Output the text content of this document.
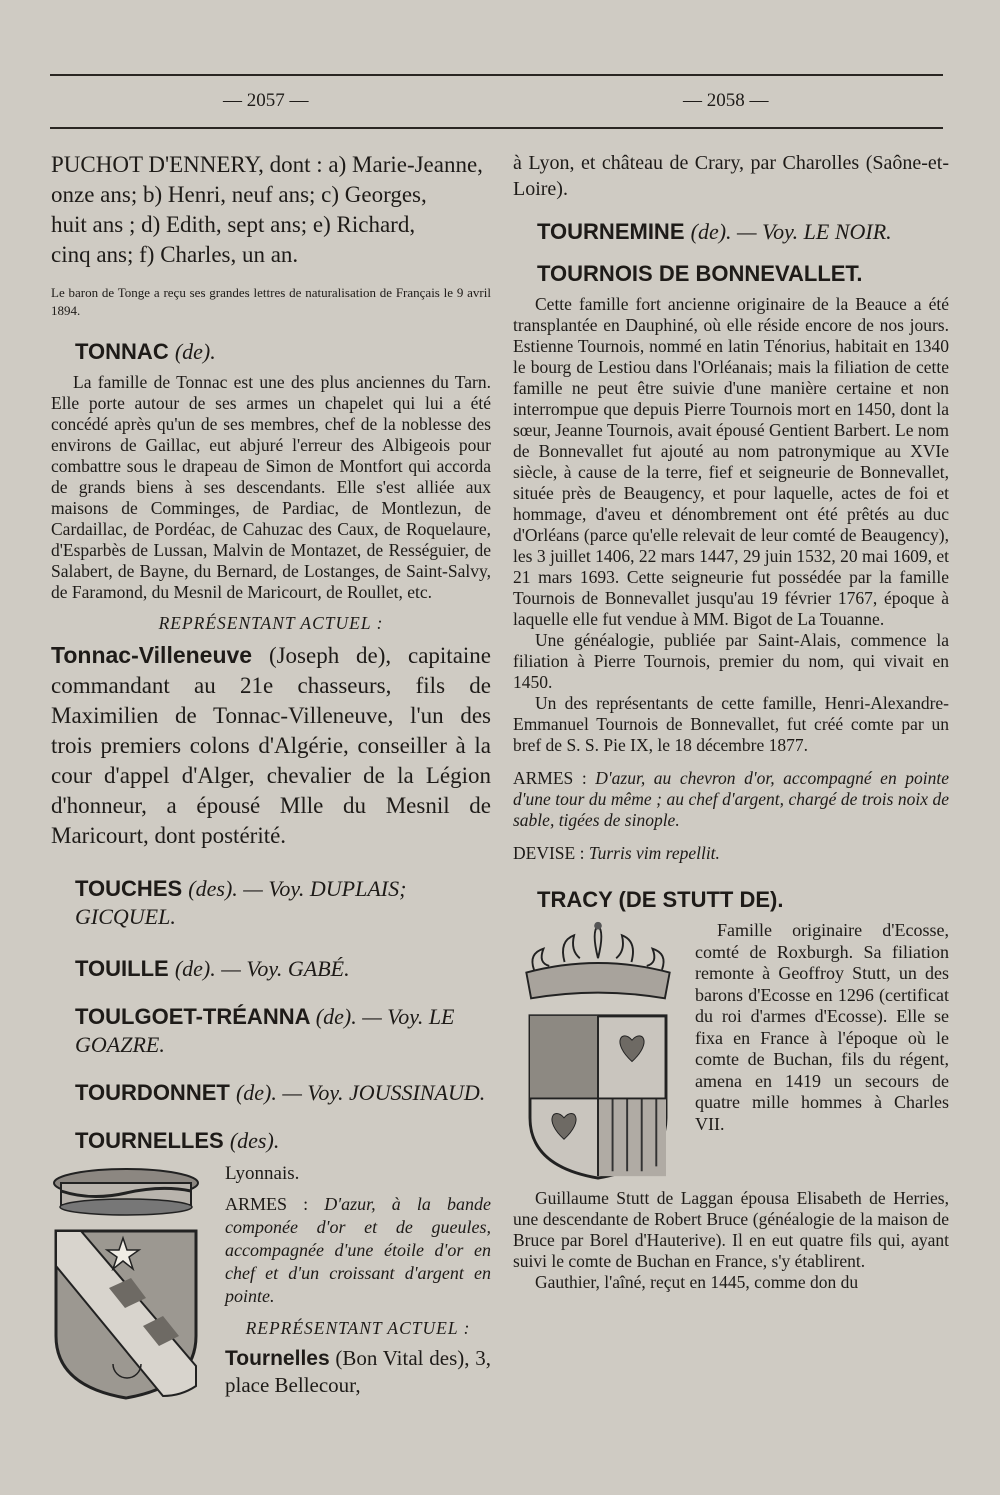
— 2057 —	— 2058 —
PUCHOT D'ENNERY, dont : a) Marie-Jeanne,
onze ans; b) Henri, neuf ans; c) Georges,
huit ans ; d) Edith, sept ans; e) Richard,
cinq ans; f) Charles, un an.

Le baron de Tonge a reçu ses grandes lettres de naturalisation de Français le 9 avril 1894.

TONNAC (de).

La famille de Tonnac est une des plus anciennes du Tarn. Elle porte autour de ses armes un chapelet qui lui a été concédé après qu'un de ses membres, chef de la noblesse des environs de Gaillac, eut abjuré l'erreur des Albigeois pour combattre sous le drapeau de Simon de Montfort qui accorda de grands biens à ses descendants. Elle s'est alliée aux maisons de Comminges, de Pardiac, de Montlezun, de Cardaillac, de Pordéac, de Cahuzac des Caux, de Roquelaure, d'Esparbès de Lussan, Malvin de Montazet, de Rességuier, de Salabert, de Bayne, du Bernard, de Lostanges, de Saint-Salvy, de Faramond, du Mesnil de Maricourt, de Roullet, etc.

REPRÉSENTANT ACTUEL :

Tonnac-Villeneuve (Joseph de), capitaine commandant au 21e chasseurs, fils de Maximilien de Tonnac-Villeneuve, l'un des trois premiers colons d'Algérie, conseiller à la cour d'appel d'Alger, chevalier de la Légion d'honneur, a épousé Mlle du Mesnil de Maricourt, dont postérité.

TOUCHES (des). — Voy. DUPLAIS; GICQUEL.
TOUILLE (de). — Voy. GABÉ.
TOULGOET-TRÉANNA (de). — Voy. LE GOAZRE.
TOURDONNET (de). — Voy. JOUSSINAUD.
TOURNELLES (des).

Lyonnais.

ARMES : D'azur, à la bande componée d'or et de gueules, accompagnée d'une étoile d'or en chef et d'un croissant d'argent en pointe.

REPRÉSENTANT ACTUEL :

Tournelles (Bon Vital des), 3, place Bellecour,

à Lyon, et château de Crary, par Charolles (Saône-et-Loire).

TOURNEMINE (de). — Voy. LE NOIR.
TOURNOIS DE BONNEVALLET.

Cette famille fort ancienne originaire de la Beauce a été transplantée en Dauphiné, où elle réside encore de nos jours. Estienne Tournois, nommé en latin Ténorius, habitait en 1340 le bourg de Lestiou dans l'Orléanais; mais la filiation de cette famille ne peut être suivie d'une manière certaine et non interrompue que depuis Pierre Tournois mort en 1450, dont la sœur, Jeanne Tournois, avait épousé Gentient Barbert. Le nom de Bonnevallet fut ajouté au nom patronymique au XVIe siècle, à cause de la terre, fief et seigneurie de Bonnevallet, située près de Beaugency, et pour laquelle, actes de foi et hommage, d'aveu et dénombrement ont été prêtés au duc d'Orléans (parce qu'elle relevait de leur comté de Beaugency), les 3 juillet 1406, 22 mars 1447, 29 juin 1532, 20 mai 1609, et 21 mars 1693. Cette seigneurie fut possédée par la famille Tournois de Bonnevallet jusqu'au 19 février 1767, époque à laquelle elle fut vendue à MM. Bigot de La Touanne.

Une généalogie, publiée par Saint-Alais, commence la filiation à Pierre Tournois, premier du nom, qui vivait en 1450.

Un des représentants de cette famille, Henri-Alexandre-Emmanuel Tournois de Bonnevallet, fut créé comte par un bref de S. S. Pie IX, le 18 décembre 1877.

ARMES : D'azur, au chevron d'or, accompagné en pointe d'une tour du même ; au chef d'argent, chargé de trois noix de sable, tigées de sinople.

DEVISE : Turris vim repellit.

TRACY (DE STUTT DE).

Famille originaire d'Ecosse, comté de Roxburgh. Sa filiation remonte à Geoffroy Stutt, un des barons d'Ecosse en 1296 (certificat du roi d'armes d'Ecosse). Elle se fixa en France à l'époque où le comte de Buchan, fils du régent, amena en 1419 un secours de quatre mille hommes à Charles VII.

Guillaume Stutt de Laggan épousa Elisabeth de Herries, une descendante de Robert Bruce (généalogie de la maison de Bruce par Borel d'Hauterive). Il en eut quatre fils qui, ayant suivi le comte de Buchan en France, s'y établirent.

Gauthier, l'aîné, reçut en 1445, comme don du
